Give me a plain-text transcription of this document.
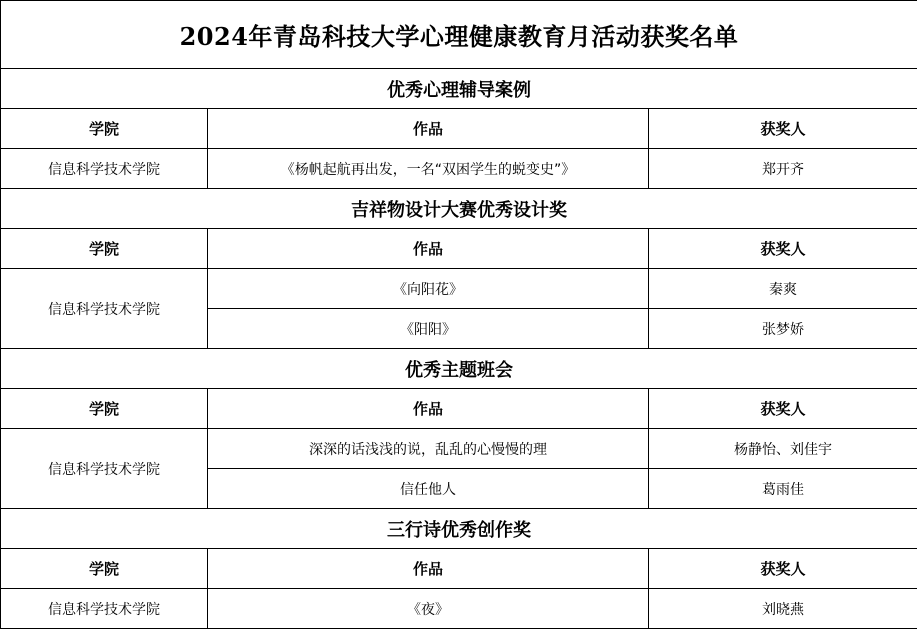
2024年青岛科技大学心理健康教育月活动获奖名单		
优秀心理辅导案例		
学院	作品	获奖人
信息科学技术学院	《杨帆起航再出发，一名“双困学生的蜕变史”》	郑开齐
吉祥物设计大赛优秀设计奖		
学院	作品	获奖人
信息科学技术学院	《向阳花》	秦爽
	《阳阳》	张梦娇
优秀主题班会		
学院	作品	获奖人
信息科学技术学院	深深的话浅浅的说，乱乱的心慢慢的理	杨静怡、刘佳宇
	信任他人	葛雨佳
三行诗优秀创作奖		
学院	作品	获奖人
信息科学技术学院	《夜》	刘晓燕
